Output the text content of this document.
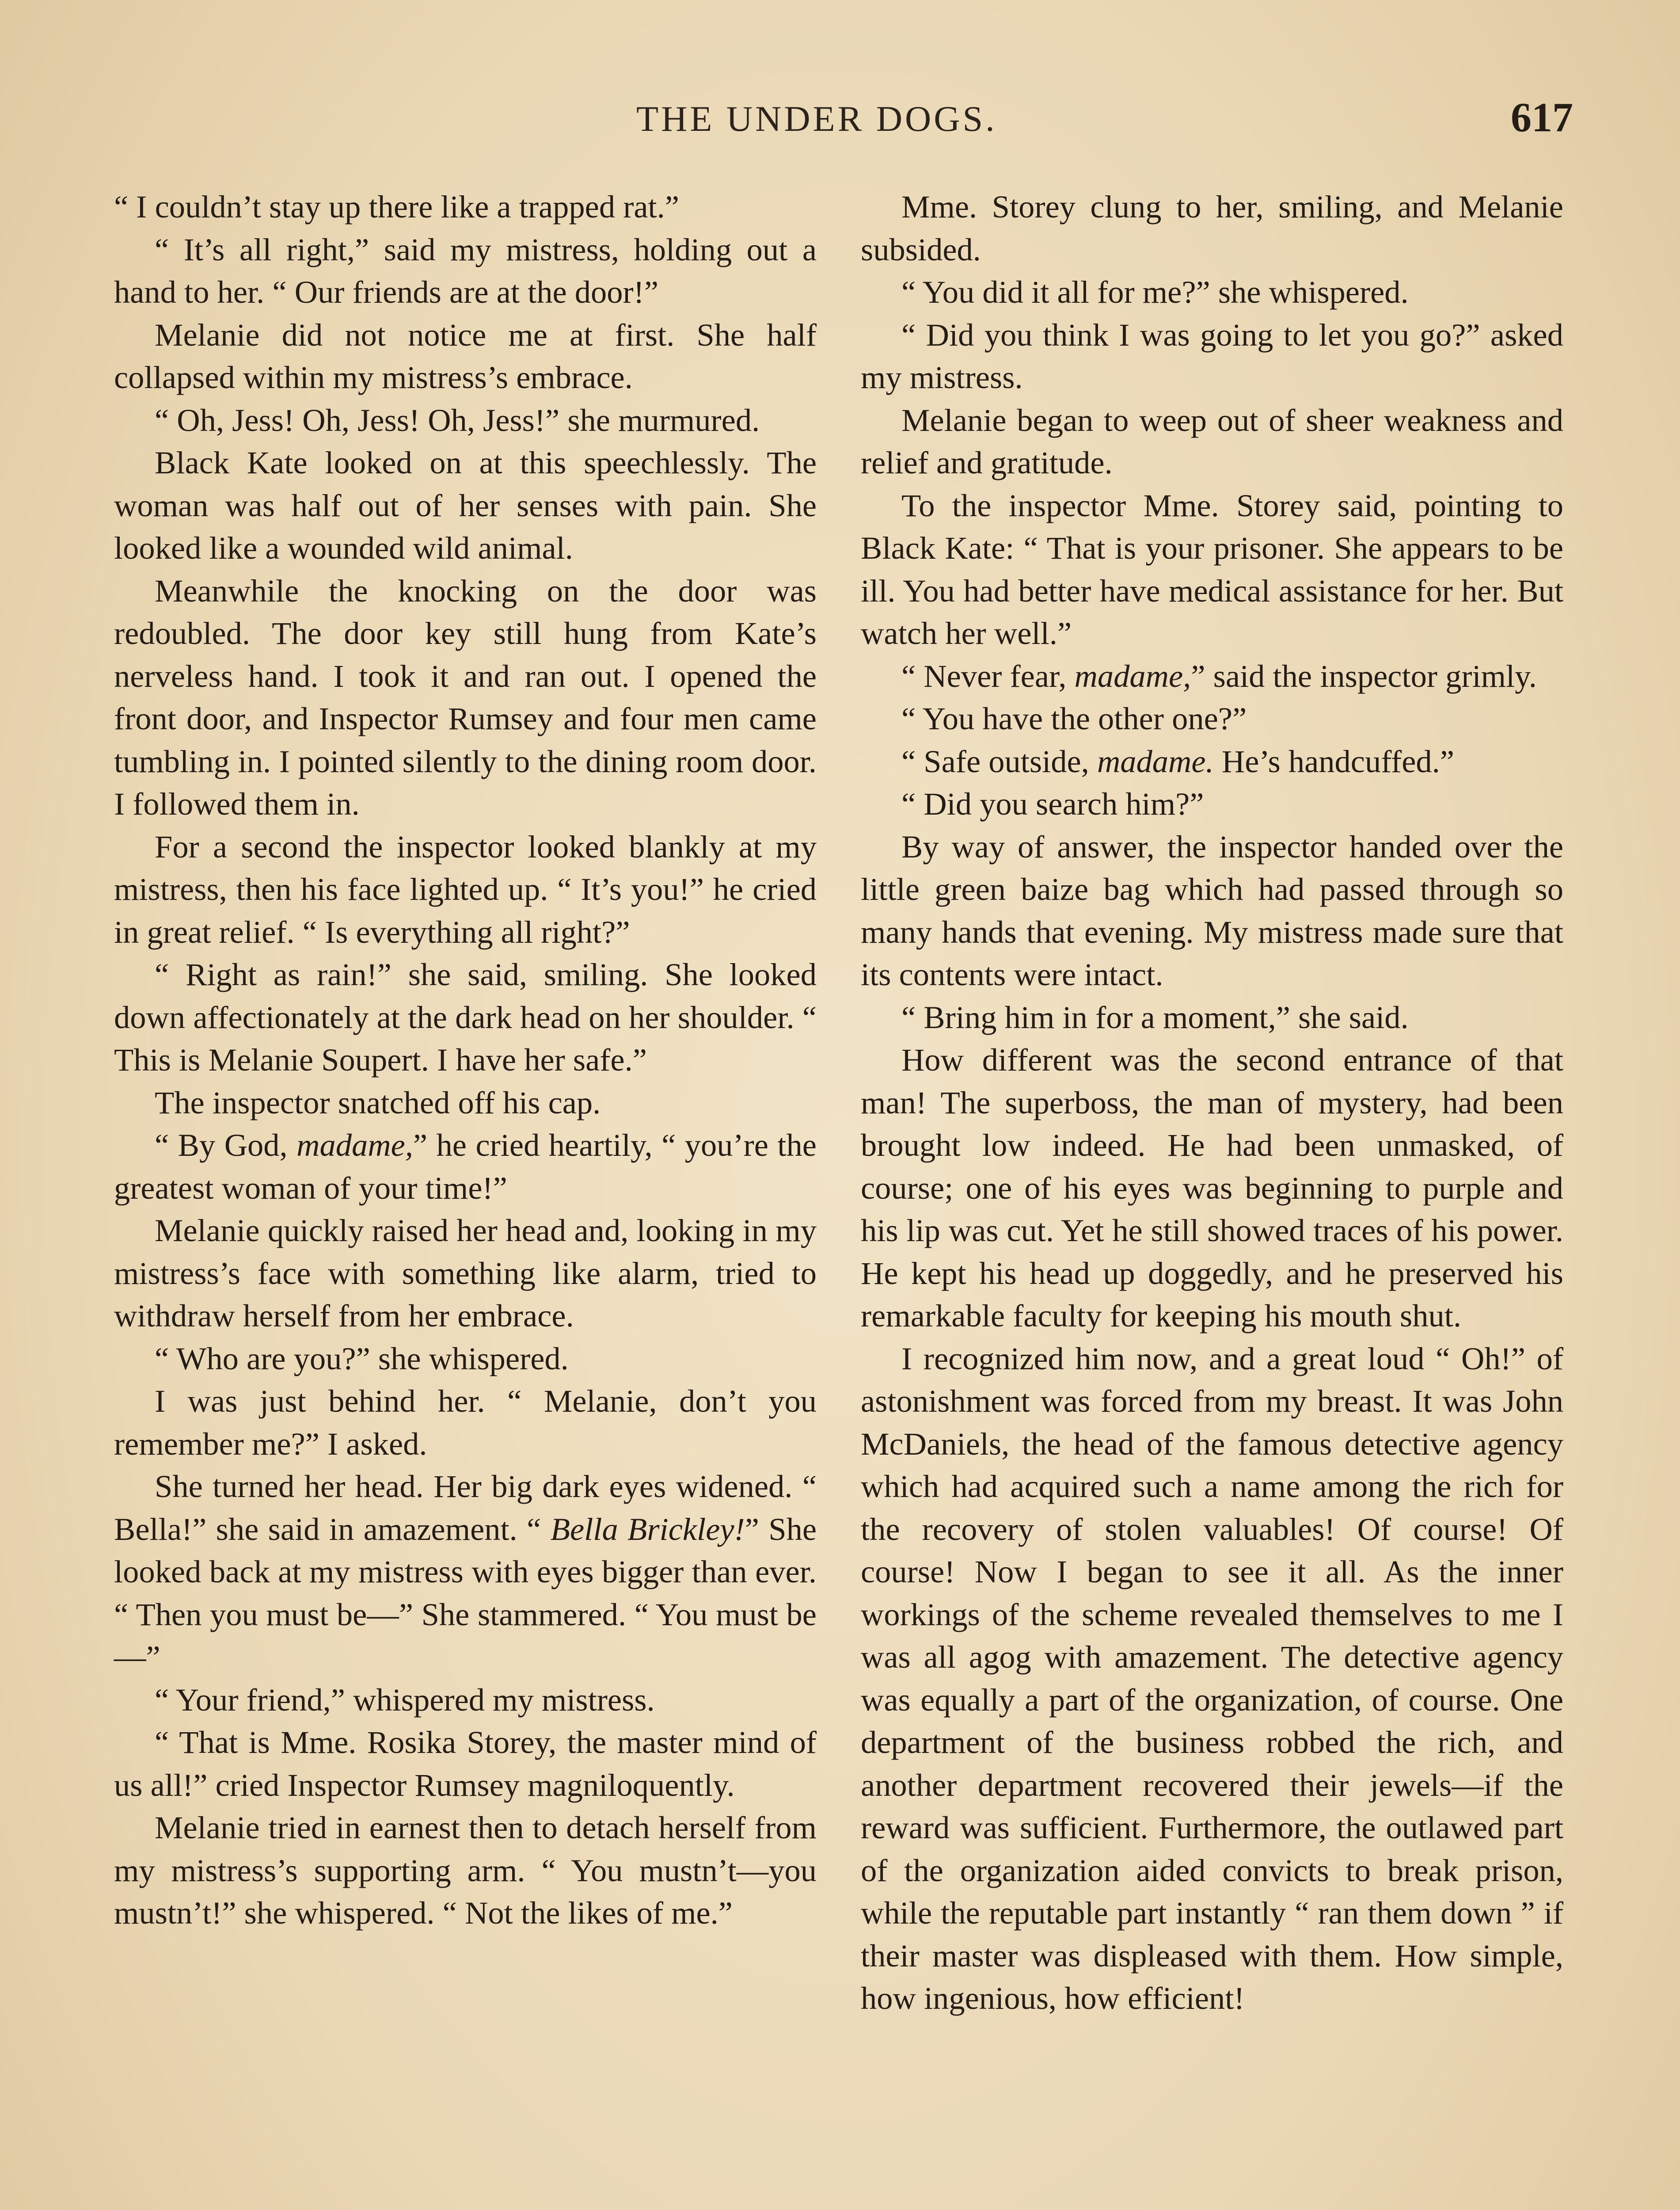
THE UNDER DOGS.	617

“ I couldn’t stay up there like a trapped rat.”

“ It’s all right,” said my mistress, holding out a hand to her. “ Our friends are at the door!”

Melanie did not notice me at first. She half collapsed within my mistress’s embrace.

“ Oh, Jess! Oh, Jess! Oh, Jess!” she murmured.

Black Kate looked on at this speechlessly. The woman was half out of her senses with pain. She looked like a wounded wild animal.

Meanwhile the knocking on the door was redoubled. The door key still hung from Kate’s nerveless hand. I took it and ran out. I opened the front door, and Inspector Rumsey and four men came tumbling in. I pointed silently to the dining room door. I followed them in.

For a second the inspector looked blankly at my mistress, then his face lighted up. “ It’s you!” he cried in great relief. “ Is everything all right?”

“ Right as rain!” she said, smiling. She looked down affectionately at the dark head on her shoulder. “ This is Melanie Soupert. I have her safe.”

The inspector snatched off his cap.

“ By God, madame,” he cried heartily, “ you’re the greatest woman of your time!”

Melanie quickly raised her head and, looking in my mistress’s face with something like alarm, tried to withdraw herself from her embrace.

“ Who are you?” she whispered.

I was just behind her. “ Melanie, don’t you remember me?” I asked.

She turned her head. Her big dark eyes widened. “ Bella!” she said in amazement. “ Bella Brickley!” She looked back at my mistress with eyes bigger than ever. “ Then you must be—” She stammered. “ You must be—”

“ Your friend,” whispered my mistress.

“ That is Mme. Rosika Storey, the master mind of us all!” cried Inspector Rumsey magniloquently.

Melanie tried in earnest then to detach herself from my mistress’s supporting arm. “ You mustn’t—you mustn’t!” she whispered. “ Not the likes of me.”

Mme. Storey clung to her, smiling, and Melanie subsided.

“ You did it all for me?” she whispered.

“ Did you think I was going to let you go?” asked my mistress.

Melanie began to weep out of sheer weakness and relief and gratitude.

To the inspector Mme. Storey said, pointing to Black Kate: “ That is your prisoner. She appears to be ill. You had better have medical assistance for her. But watch her well.”

“ Never fear, madame,” said the inspector grimly.

“ You have the other one?”

“ Safe outside, madame. He’s handcuffed.”

“ Did you search him?”

By way of answer, the inspector handed over the little green baize bag which had passed through so many hands that evening. My mistress made sure that its contents were intact.

“ Bring him in for a moment,” she said.

How different was the second entrance of that man! The superboss, the man of mystery, had been brought low indeed. He had been unmasked, of course; one of his eyes was beginning to purple and his lip was cut. Yet he still showed traces of his power. He kept his head up doggedly, and he preserved his remarkable faculty for keeping his mouth shut.

I recognized him now, and a great loud “ Oh!” of astonishment was forced from my breast. It was John McDaniels, the head of the famous detective agency which had acquired such a name among the rich for the recovery of stolen valuables! Of course! Of course! Now I began to see it all. As the inner workings of the scheme revealed themselves to me I was all agog with amazement. The detective agency was equally a part of the organization, of course. One department of the business robbed the rich, and another department recovered their jewels—if the reward was sufficient. Furthermore, the outlawed part of the organization aided convicts to break prison, while the reputable part instantly “ ran them down ” if their master was displeased with them. How simple, how ingenious, how efficient!
